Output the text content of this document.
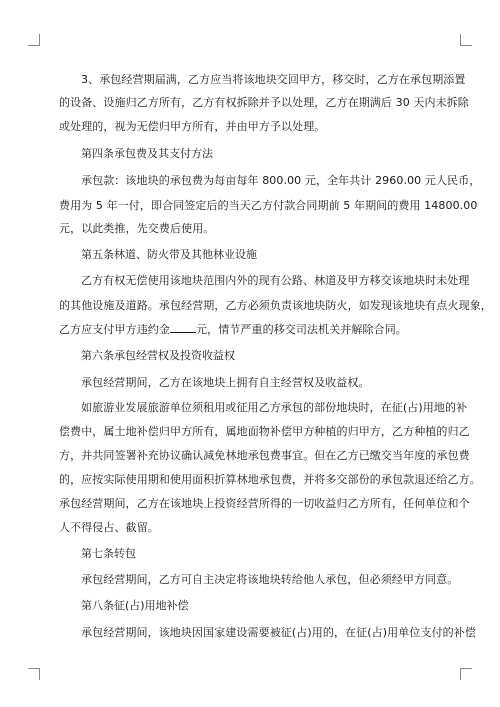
3、承包经营期届满，乙方应当将该地块交回甲方，移交时，乙方在承包期添置
的设备、设施归乙方所有，乙方有权拆除并予以处理，乙方在期满后 30 天内未拆除
或处理的，视为无偿归甲方所有，并由甲方予以处理。
第四条承包费及其支付方法
承包款：该地块的承包费为每亩每年 800.00 元，全年共计 2960.00 元人民币，
费用为 5 年一付，即合同签定后的当天乙方付款合同期前 5 年期间的费用 14800.00
元，以此类推，先交费后使用。
第五条林道、防火带及其他林业设施
乙方有权无偿使用该地块范围内外的现有公路、林道及甲方移交该地块时未处理
的其他设施及道路。承包经营期，乙方必须负责该地块防火，如发现该地块有点火现象，
乙方应支付甲方违约金 元，情节严重的移交司法机关并解除合同。
第六条承包经营权及投资收益权
承包经营期间，乙方在该地块上拥有自主经营权及收益权。
如旅游业发展旅游单位须租用或征用乙方承包的部份地块时，在征(占)用地的补
偿费中，属土地补偿归甲方所有，属地面物补偿甲方种植的归甲方，乙方种植的归乙
方，并共同签署补充协议确认减免林地承包费事宜。但在乙方已缴交当年度的承包费
的，应按实际使用期和使用面积折算林地承包费，并将多交部份的承包款退还给乙方。
承包经营期间，乙方在该地块上投资经营所得的一切收益归乙方所有，任何单位和个
人不得侵占、截留。
第七条转包
承包经营期间，乙方可自主决定将该地块转给他人承包，但必须经甲方同意。
第八条征(占)用地补偿
承包经营期间，该地块因国家建设需要被征(占)用的，在征(占)用单位支付的补偿
